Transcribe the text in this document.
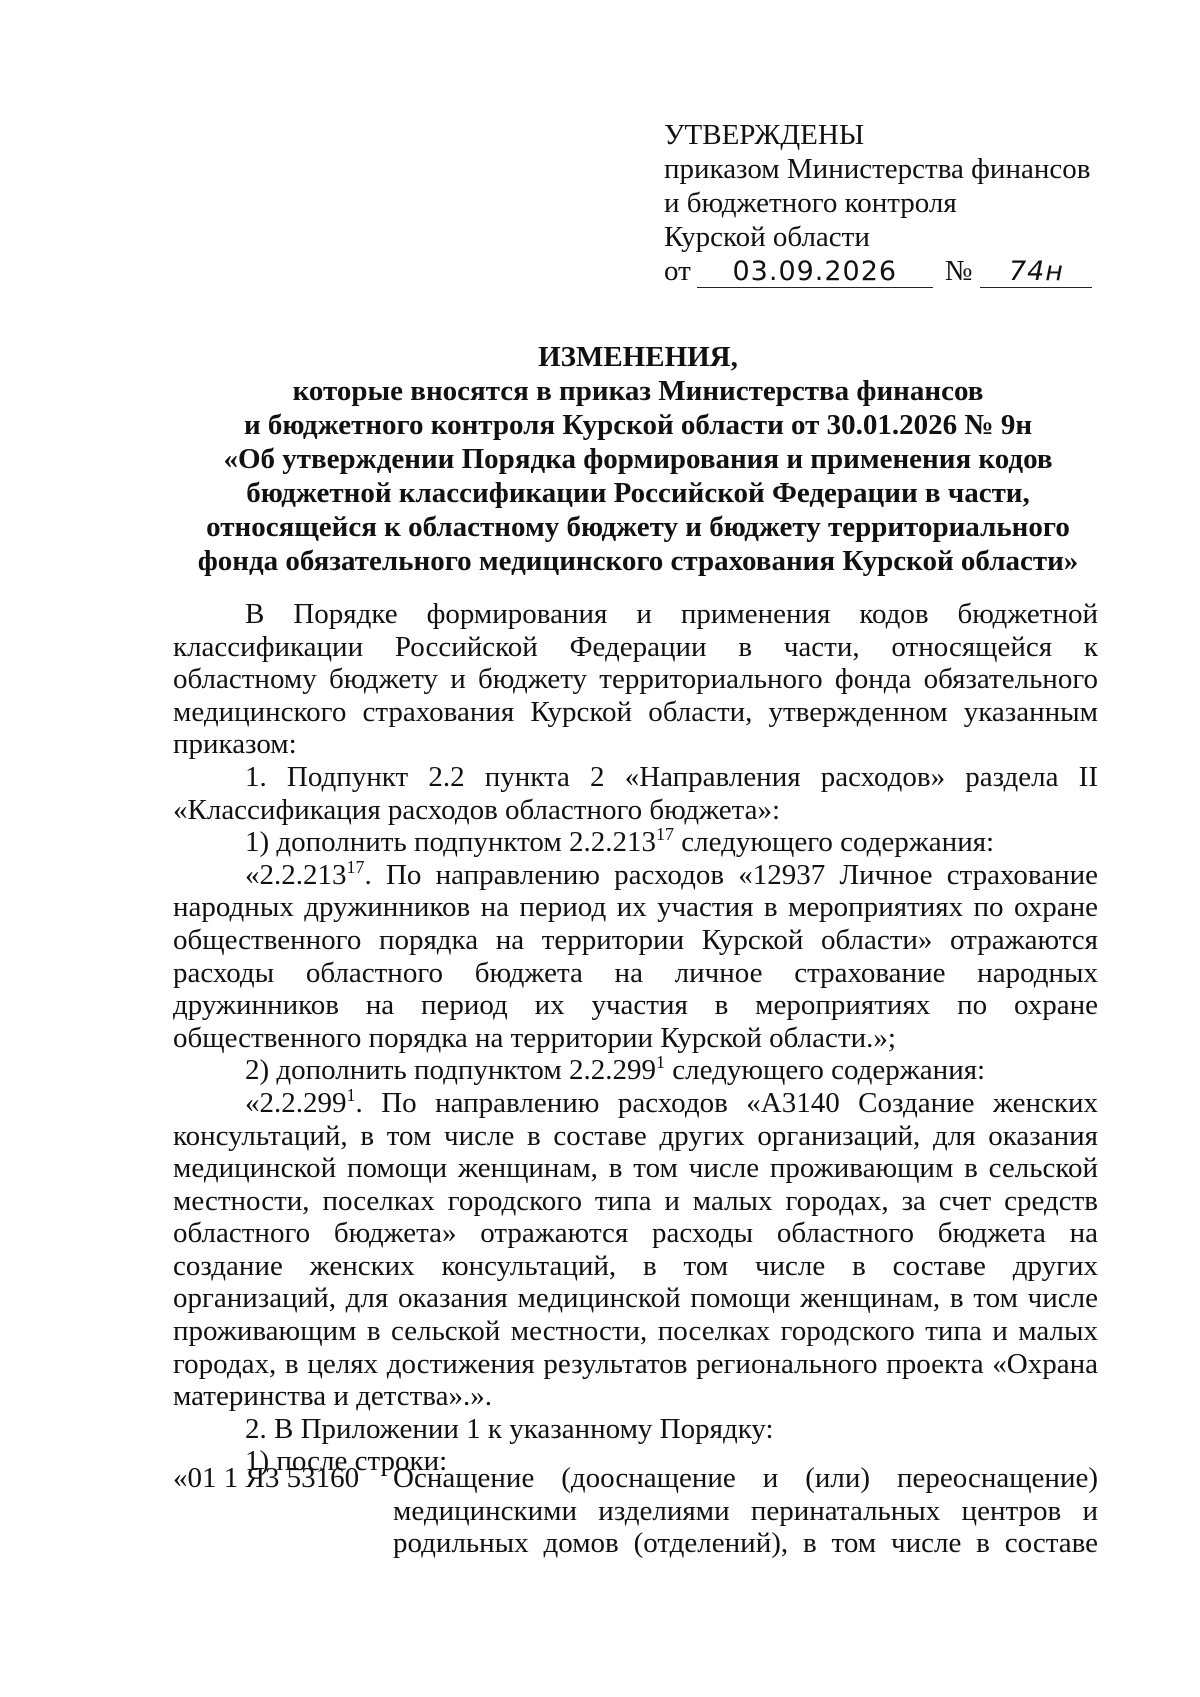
УТВЕРЖДЕНЫ
приказом Министерства финансов
и бюджетного контроля
Курской области
от	03.09.2026	№	74н
ИЗМЕНЕНИЯ,
которые вносятся в приказ Министерства финансов
и бюджетного контроля Курской области от 30.01.2026 № 9н
«Об утверждении Порядка формирования и применения кодов
бюджетной классификации Российской Федерации в части,
относящейся к областному бюджету и бюджету территориального
фонда обязательного медицинского страхования Курской области»

В Порядке формирования и применения кодов бюджетной классификации Российской Федерации в части, относящейся к областному бюджету и бюджету территориального фонда обязательного медицинского страхования Курской области, утвержденном указанным приказом:

1. Подпункт 2.2 пункта 2 «Направления расходов» раздела II «Классификация расходов областного бюджета»:

1) дополнить подпунктом 2.2.213$^{17}$ следующего содержания:

«2.2.213$^{17}$. По направлению расходов «12937 Личное страхование народных дружинников на период их участия в мероприятиях по охране общественного порядка на территории Курской области» отражаются расходы областного бюджета на личное страхование народных дружинников на период их участия в мероприятиях по охране общественного порядка на территории Курской области.»;

2) дополнить подпунктом 2.2.299$^1$ следующего содержания:

«2.2.299$^1$. По направлению расходов «А3140 Создание женских консультаций, в том числе в составе других организаций, для оказания медицинской помощи женщинам, в том числе проживающим в сельской местности, поселках городского типа и малых городах, за счет средств областного бюджета» отражаются расходы областного бюджета на создание женских консультаций, в том числе в составе других организаций, для оказания медицинской помощи женщинам, в том числе проживающим в сельской местности, поселках городского типа и малых городах, в целях достижения результатов регионального проекта «Охрана материнства и детства».».

2. В Приложении 1 к указанному Порядку:

1) после строки:

«01 1 Я3 53160	Оснащение (дооснащение и (или) переоснащение) медицинскими изделиями перинатальных центров и родильных домов (отделений), в том числе в составе
